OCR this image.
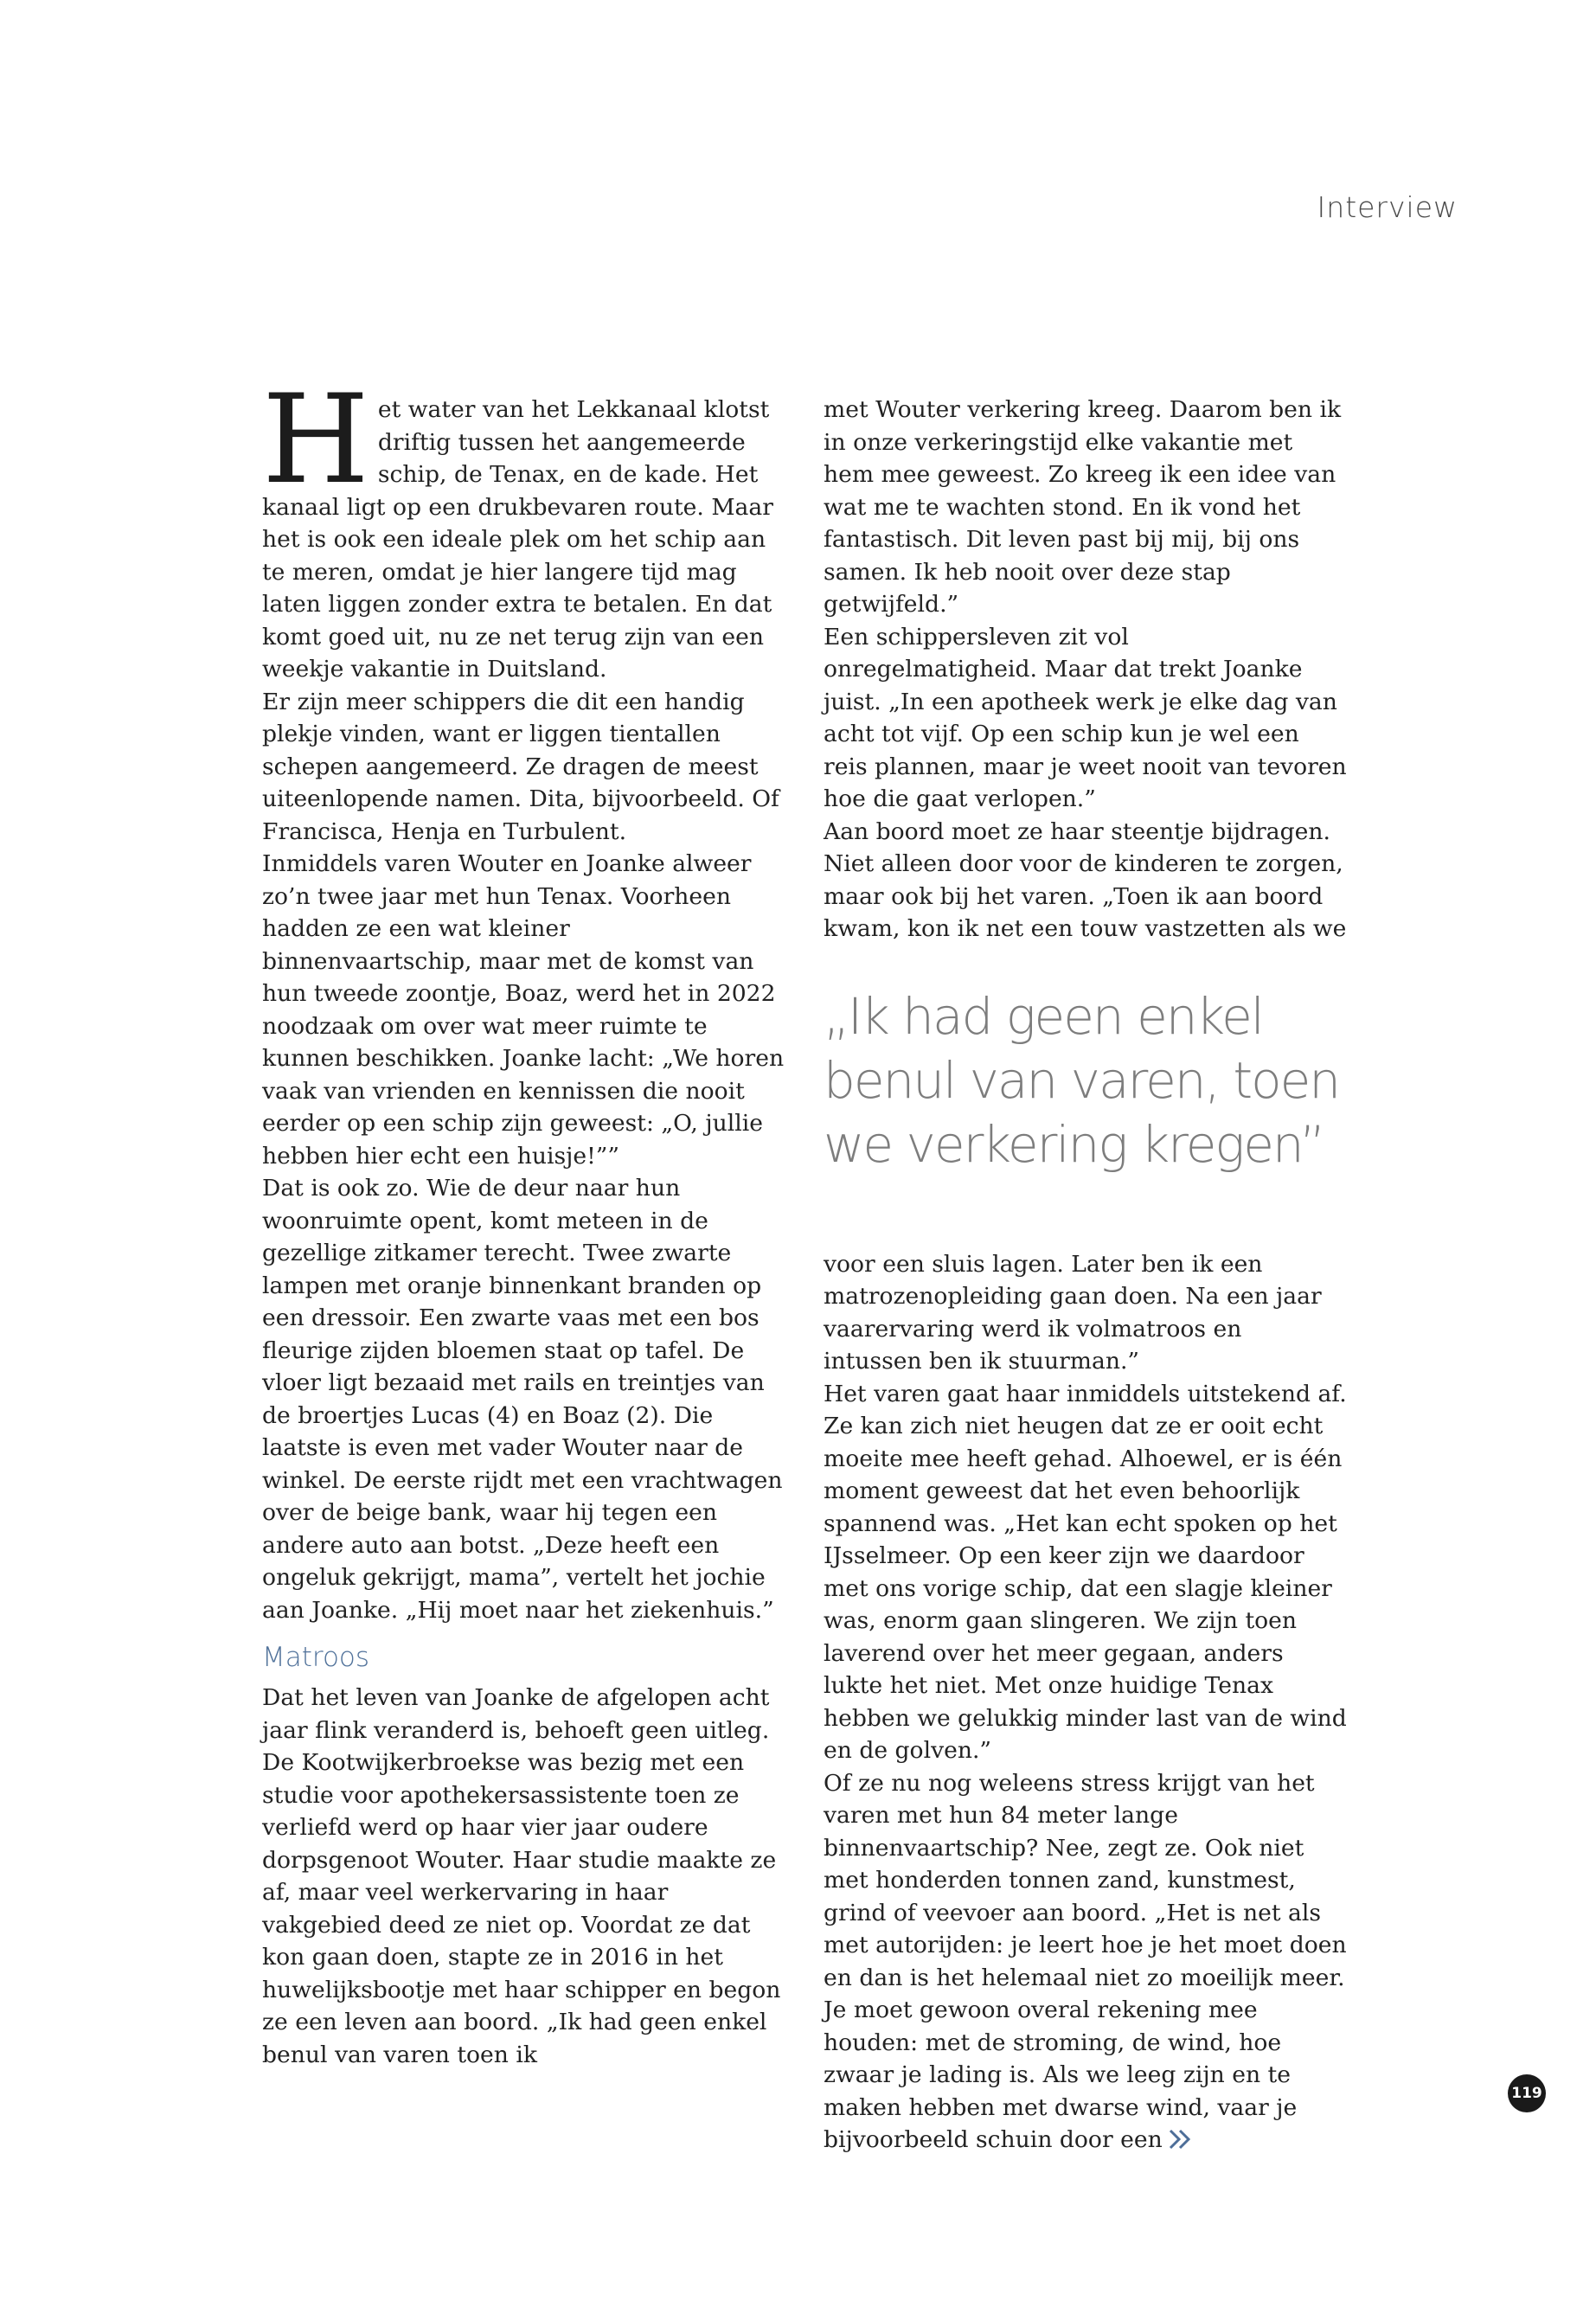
Interview

Het water van het Lekkanaal klotst driftig tussen het aangemeerde schip, de Tenax, en de kade. Het kanaal ligt op een drukbevaren route. Maar het is ook een ideale plek om het schip aan te meren, omdat je hier langere tijd mag laten liggen zonder extra te betalen. En dat komt goed uit, nu ze net terug zijn van een weekje vakantie in Duitsland.

Er zijn meer schippers die dit een handig plekje vinden, want er liggen tientallen schepen aangemeerd. Ze dragen de meest uiteenlopende namen. Dita, bijvoorbeeld. Of Francisca, Henja en Turbulent.

Inmiddels varen Wouter en Joanke alweer zo’n twee jaar met hun Tenax. Voorheen hadden ze een wat kleiner binnenvaartschip, maar met de komst van hun tweede zoontje, Boaz, werd het in 2022 noodzaak om over wat meer ruimte te kunnen beschikken. Joanke lacht: „We horen vaak van vrienden en kennissen die nooit eerder op een schip zijn geweest: „O, jullie hebben hier echt een huisje!””

Dat is ook zo. Wie de deur naar hun woonruimte opent, komt meteen in de gezellige zitkamer terecht. Twee zwarte lampen met oranje binnenkant branden op een dressoir. Een zwarte vaas met een bos fleurige zijden bloemen staat op tafel. De vloer ligt bezaaid met rails en treintjes van de broertjes Lucas (4) en Boaz (2). Die laatste is even met vader Wouter naar de winkel. De eerste rijdt met een vrachtwagen over de beige bank, waar hij tegen een andere auto aan botst. „Deze heeft een ongeluk gekrijgt, mama”, vertelt het jochie aan Joanke. „Hij moet naar het ziekenhuis.”

Matroos

Dat het leven van Joanke de afgelopen acht jaar flink veranderd is, behoeft geen uitleg. De Kootwijkerbroekse was bezig met een studie voor apothekersassistente toen ze verliefd werd op haar vier jaar oudere dorpsgenoot Wouter. Haar studie maakte ze af, maar veel werkervaring in haar vakgebied deed ze niet op. Voordat ze dat kon gaan doen, stapte ze in 2016 in het huwelijksbootje met haar schipper en begon ze een leven aan boord. „Ik had geen enkel benul van varen toen ik

met Wouter verkering kreeg. Daarom ben ik in onze verkeringstijd elke vakantie met hem mee geweest. Zo kreeg ik een idee van wat me te wachten stond. En ik vond het fantastisch. Dit leven past bij mij, bij ons samen. Ik heb nooit over deze stap getwijfeld.”

Een schippersleven zit vol onregelmatigheid. Maar dat trekt Joanke juist. „In een apotheek werk je elke dag van acht tot vijf. Op een schip kun je wel een reis plannen, maar je weet nooit van tevoren hoe die gaat verlopen.”

Aan boord moet ze haar steentje bijdragen. Niet alleen door voor de kinderen te zorgen, maar ook bij het varen. „Toen ik aan boord kwam, kon ik net een touw vastzetten als we

„Ik had geen enkel benul van varen, toen we verkering kregen”

voor een sluis lagen. Later ben ik een matrozenopleiding gaan doen. Na een jaar vaarervaring werd ik volmatroos en intussen ben ik stuurman.”

Het varen gaat haar inmiddels uitstekend af. Ze kan zich niet heugen dat ze er ooit echt moeite mee heeft gehad. Alhoewel, er is één moment geweest dat het even behoorlijk spannend was. „Het kan echt spoken op het IJsselmeer. Op een keer zijn we daardoor met ons vorige schip, dat een slagje kleiner was, enorm gaan slingeren. We zijn toen laverend over het meer gegaan, anders lukte het niet. Met onze huidige Tenax hebben we gelukkig minder last van de wind en de golven.”

Of ze nu nog weleens stress krijgt van het varen met hun 84 meter lange binnenvaartschip? Nee, zegt ze. Ook niet met honderden tonnen zand, kunstmest, grind of veevoer aan boord. „Het is net als met autorijden: je leert hoe je het moet doen en dan is het helemaal niet zo moeilijk meer. Je moet gewoon overal rekening mee houden: met de stroming, de wind, hoe zwaar je lading is. Als we leeg zijn en te maken hebben met dwarse wind, vaar je bijvoorbeeld schuin door een

119
